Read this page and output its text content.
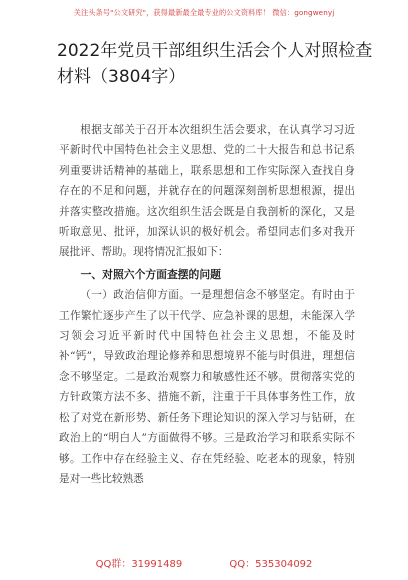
关注头条号"公文研究"，获得最新最全最专业的公文资料库！ 微信：gongwenyj
2022年党员干部组织生活会个人对照检查材料（3804字）

根据支部关于召开本次组织生活会要求，在认真学习习近平新时代中国特色社会主义思想、党的二十大报告和总书记系列重要讲话精神的基础上，联系思想和工作实际深入查找自身存在的不足和问题，并就存在的问题深刻剖析思想根源，提出并落实整改措施。这次组织生活会既是自我剖析的深化，又是听取意见、批评，加深认识的极好机会。希望同志们多对我开展批评、帮助。现将情况汇报如下：

一、对照六个方面查摆的问题

（一）政治信仰方面。一是理想信念不够坚定。有时由于工作繁忙逐步产生了以干代学、应急补课的思想，未能深入学习领会习近平新时代中国特色社会主义思想，不能及时补“钙”，导致政治理论修养和思想境界不能与时俱进，理想信念不够坚定。二是政治观察力和敏感性还不够。贯彻落实党的方针政策方法不多、措施不新，注重于干具体事务性工作，放松了对党在新形势、新任务下理论知识的深入学习与钻研，在政治上的“明白人”方面做得不够。三是政治学习和联系实际不够。工作中存在经验主义、存在凭经验、吃老本的现象，特别是对一些比较熟悉

QQ群：31991489	QQ：535304092
